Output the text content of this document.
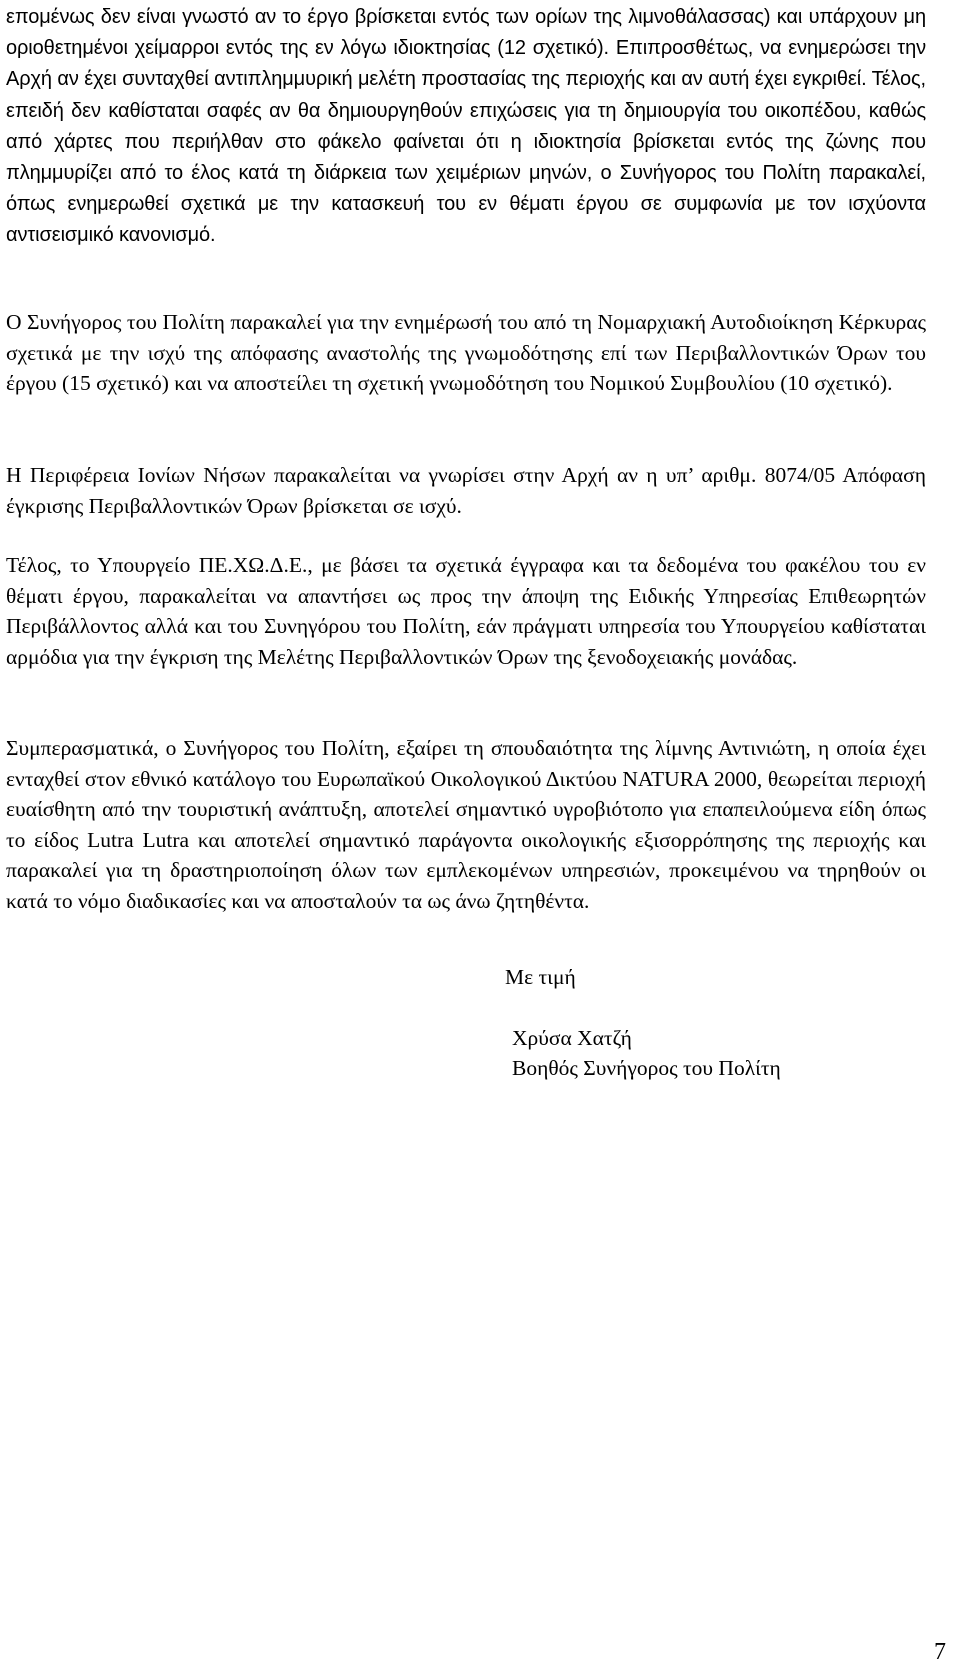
επομένως δεν είναι γνωστό αν το έργο βρίσκεται εντός των ορίων της λιμνοθάλασσας) και υπάρχουν μη οριοθετημένοι χείμαρροι εντός της εν λόγω ιδιοκτησίας (12 σχετικό). Επιπροσθέτως, να ενημερώσει την Αρχή αν έχει συνταχθεί αντιπλημμυρική μελέτη προστασίας της περιοχής και αν αυτή έχει εγκριθεί. Τέλος, επειδή δεν καθίσταται σαφές αν θα δημιουργηθούν επιχώσεις για τη δημιουργία του οικοπέδου, καθώς από χάρτες που περιήλθαν στο φάκελο φαίνεται ότι η ιδιοκτησία βρίσκεται εντός της ζώνης που πλημμυρίζει από το έλος κατά τη διάρκεια των χειμέριων μηνών, ο Συνήγορος του Πολίτη παρακαλεί, όπως ενημερωθεί σχετικά με την κατασκευή του εν θέματι έργου σε συμφωνία με τον ισχύοντα αντισεισμικό κανονισμό.

Ο Συνήγορος του Πολίτη παρακαλεί για την ενημέρωσή του από τη Νομαρχιακή Αυτοδιοίκηση Κέρκυρας σχετικά με την ισχύ της απόφασης αναστολής της γνωμοδότησης επί των Περιβαλλοντικών Όρων του έργου (15 σχετικό) και να αποστείλει τη σχετική γνωμοδότηση του Νομικού Συμβουλίου (10 σχετικό).

Η Περιφέρεια Ιονίων Νήσων παρακαλείται να γνωρίσει στην Αρχή αν η υπ’ αριθμ. 8074/05 Απόφαση έγκρισης Περιβαλλοντικών Όρων βρίσκεται σε ισχύ.

Τέλος, το Υπουργείο ΠΕ.ΧΩ.Δ.Ε., με βάσει τα σχετικά έγγραφα και τα δεδομένα του φακέλου του εν θέματι έργου, παρακαλείται να απαντήσει ως προς την άποψη της Ειδικής Υπηρεσίας Επιθεωρητών Περιβάλλοντος αλλά και του Συνηγόρου του Πολίτη, εάν πράγματι υπηρεσία του Υπουργείου καθίσταται αρμόδια για την έγκριση της Μελέτης Περιβαλλοντικών Όρων της ξενοδοχειακής μονάδας.

Συμπερασματικά, ο Συνήγορος του Πολίτη, εξαίρει τη σπουδαιότητα της λίμνης Αντινιώτη, η οποία έχει ενταχθεί στον εθνικό κατάλογο του Ευρωπαϊκού Οικολογικού Δικτύου NATURA 2000, θεωρείται περιοχή ευαίσθητη από την τουριστική ανάπτυξη, αποτελεί σημαντικό υγροβιότοπο για επαπειλούμενα είδη όπως το είδος Lutra Lutra και αποτελεί σημαντικό παράγοντα οικολογικής εξισορρόπησης της περιοχής και παρακαλεί για τη δραστηριοποίηση όλων των εμπλεκομένων υπηρεσιών, προκειμένου να τηρηθούν οι κατά το νόμο διαδικασίες και να αποσταλούν τα ως άνω ζητηθέντα.

Με τιμή
Χρύσα Χατζή
Βοηθός Συνήγορος του Πολίτη
7
